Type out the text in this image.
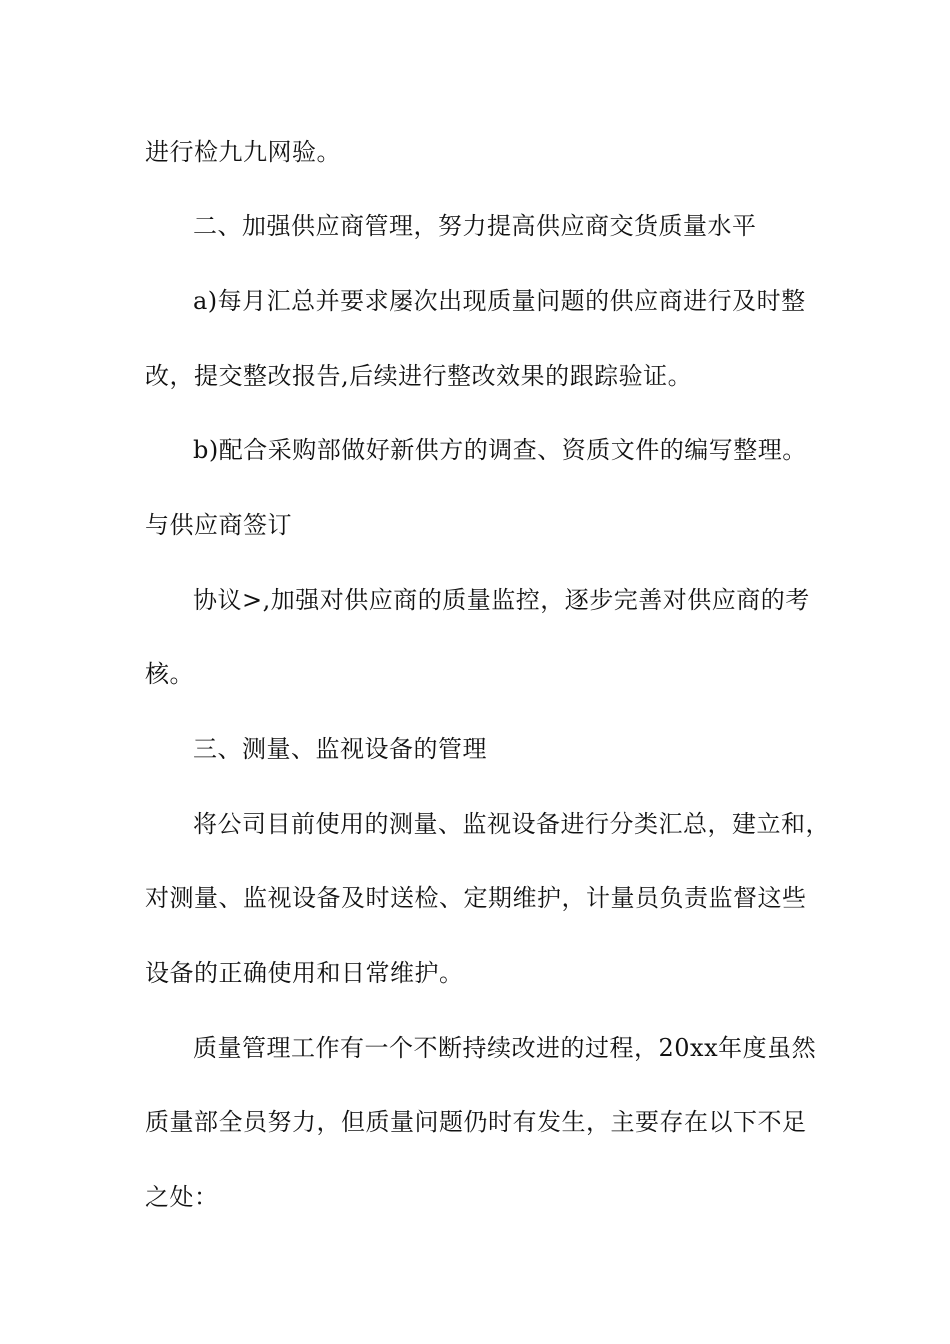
进行检九九网验。
二、加强供应商管理，努力提高供应商交货质量水平
a)每月汇总并要求屡次出现质量问题的供应商进行及时整
改，提交整改报告,后续进行整改效果的跟踪验证。
b)配合采购部做好新供方的调查、资质文件的编写整理。
与供应商签订
协议>,加强对供应商的质量监控，逐步完善对供应商的考
核。
三、测量、监视设备的管理
将公司目前使用的测量、监视设备进行分类汇总，建立和，
对测量、监视设备及时送检、定期维护，计量员负责监督这些
设备的正确使用和日常维护。
质量管理工作有一个不断持续改进的过程，20xx年度虽然
质量部全员努力，但质量问题仍时有发生，主要存在以下不足
之处：
